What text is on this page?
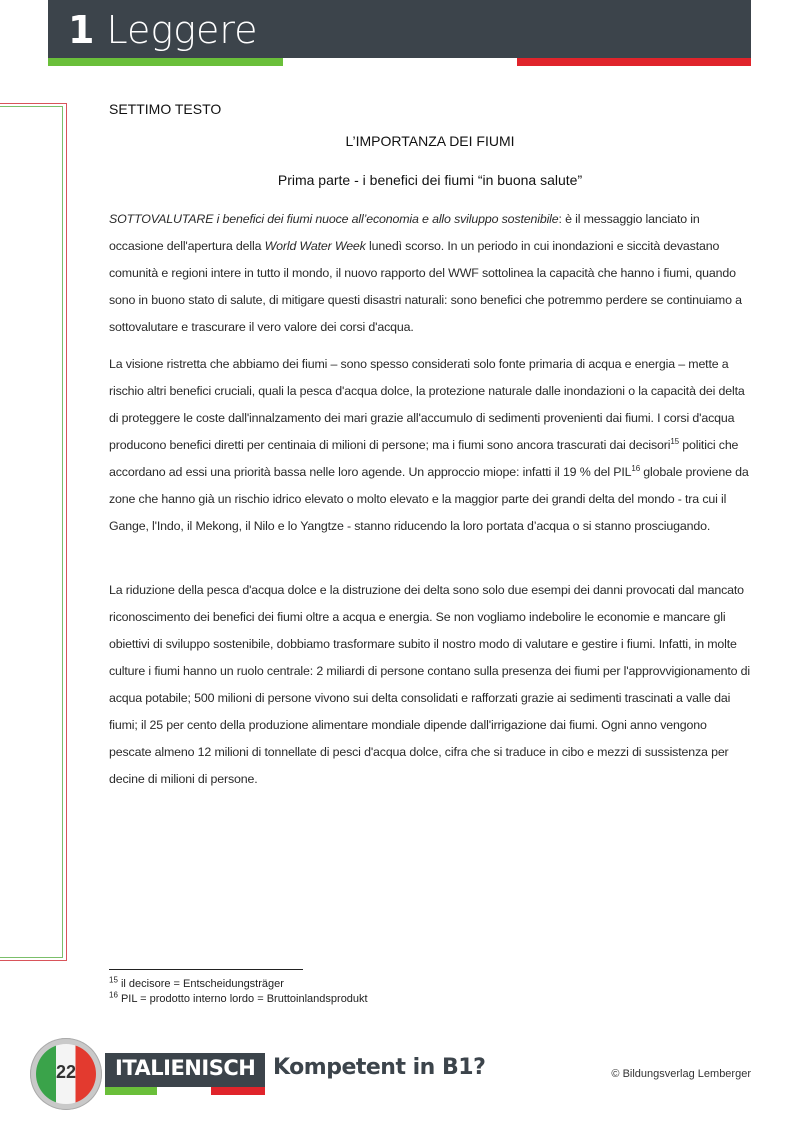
1 Leggere
SETTIMO TESTO
L’IMPORTANZA DEI FIUMI
Prima parte - i benefici dei fiumi “in buona salute”

SOTTOVALUTARE i benefici dei fiumi nuoce all’economia e allo sviluppo sostenibile: è il messaggio lanciato in occasione dell'apertura della World Water Week lunedì scorso. In un periodo in cui inondazioni e siccità devastano comunità e regioni intere in tutto il mondo, il nuovo rapporto del WWF sottolinea la capacità che hanno i fiumi, quando sono in buono stato di salute, di mitigare questi disastri naturali: sono benefici che potremmo perdere se continuiamo a sottovalutare e trascurare il vero valore dei corsi d'acqua.

La visione ristretta che abbiamo dei fiumi – sono spesso considerati solo fonte primaria di acqua e energia – mette a rischio altri benefici cruciali, quali la pesca d'acqua dolce, la protezione naturale dalle inondazioni o la capacità dei delta di proteggere le coste dall'innalzamento dei mari grazie all'accumulo di sedimenti provenienti dai fiumi. I corsi d'acqua producono benefici diretti per centinaia di milioni di persone; ma i fiumi sono ancora trascurati dai decisori$^{15}$ politici che accordano ad essi una priorità bassa nelle loro agende. Un approccio miope: infatti il 19 % del PIL$^{16}$ globale proviene da zone che hanno già un rischio idrico elevato o molto elevato e la maggior parte dei grandi delta del mondo - tra cui il Gange, l'Indo, il Mekong, il Nilo e lo Yangtze - stanno riducendo la loro portata d’acqua o si stanno prosciugando.

La riduzione della pesca d'acqua dolce e la distruzione dei delta sono solo due esempi dei danni provocati dal mancato riconoscimento dei benefici dei fiumi oltre a acqua e energia. Se non vogliamo indebolire le economie e mancare gli obiettivi di sviluppo sostenibile, dobbiamo trasformare subito il nostro modo di valutare e gestire i fiumi. Infatti, in molte culture i fiumi hanno un ruolo centrale: 2 miliardi di persone contano sulla presenza dei fiumi per l'approvvigionamento di acqua potabile; 500 milioni di persone vivono sui delta consolidati e rafforzati grazie ai sedimenti trascinati a valle dai fiumi; il 25 per cento della produzione alimentare mondiale dipende dall'irrigazione dai fiumi. Ogni anno vengono pescate almeno 12 milioni di tonnellate di pesci d'acqua dolce, cifra che si traduce in cibo e mezzi di sussistenza per decine di milioni di persone.

$^{15}$ il decisore = Entscheidungsträger
$^{16}$ PIL = prodotto interno lordo = Bruttoinlandsprodukt
22	ITALIENISCH Kompetent in B1?	© Bildungsverlag Lemberger
